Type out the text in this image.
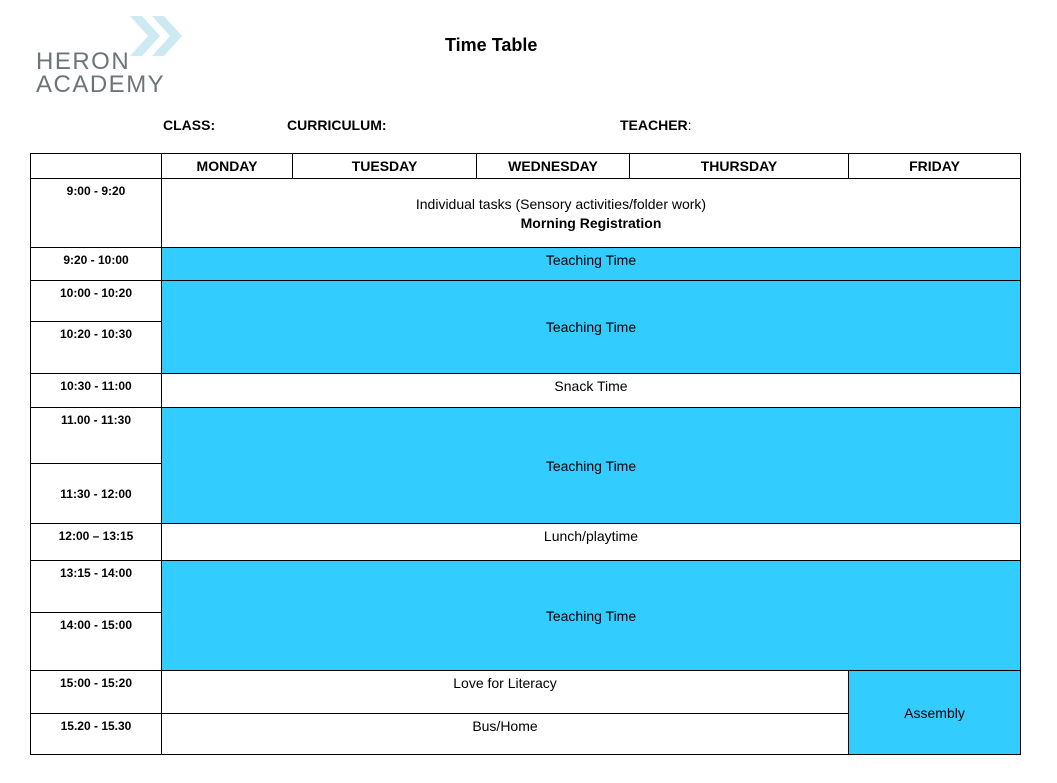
HERON
ACADEMY
Time Table
CLASS:	CURRICULUM:	TEACHER:
	MONDAY	TUESDAY	WEDNESDAY	THURSDAY	FRIDAY
9:00 - 9:20	Individual tasks (Sensory activities/folder work)
Morning Registration				

9:20 - 10:00	Teaching Time				
10:00 - 10:20	Teaching Time				
10:20 - 10:30					
10:30 - 11:00	Snack Time				
11.00 - 11:30	Teaching Time				
11:30 - 12:00					
12:00 – 13:15	Lunch/playtime				
13:15 - 14:00	Teaching Time				
14:00 - 15:00					
15:00 - 15:20	Love for Literacy				Assembly
15.20 - 15.30	Bus/Home				
